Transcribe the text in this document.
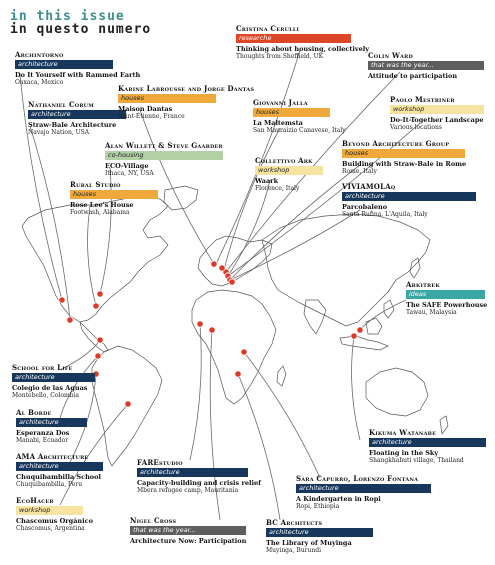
in this issue
in questo numero
Archintorno
architecture
Do It Yourself with Rammed Earth
Oaxaca, Mexico
Nathaniel Corum
architecture
Straw-Bale Architecture
Navajo Nation, USA
Karine Labrousse and Jorge Dantas
houses
Maison Dantas
Saint-Étienne, France
Alan Willett & Steve Gaarder
co-housing
ECO-Village
Ithaca, NY, USA
Rural Studio
houses
Rose Lee's House
Footwash, Alabama
Cristina Cerulli
researche
Thinking about housing, collectively
Thoughts from Sheffield, UK	Colin Ward
that was the year...
Attitude to participation
Paolo Mestriner
workshop
Do-It-Together Landscape
Various locations
Giovanni Jalla
houses
La Maltemsta
San Mauraizio Canavese, Italy
Collettivo Ark
workshop
Waark
Florence, Italy
Beyond Architecture Group
houses
Building with Straw-Bale in Rome
Rome, Italy
VIVIAMOLAq
architecture
Parcobaleno
Santa Rufina, L'Aquila, Italy
Arkitrek
ideas
The SAFE Powerhouse
Tawau, Malaysia
School for Life
architecture
Colegio de las Aguas
Montebello, Colombia
Al Borde
architecture
Esperanza Dos
Manabi, Ecuador
AMA Architecture
architecture
Chuquibambilla School
Chuquibambilla, Peru
EcoHacer
workshop
Chascomus Orgánico
Chascomus, Argentina
FAREstudio
architecture
Capacity-building and crisis relief
Mbera refugee camp, Mauritania
Nigel Cross
that was the year...
Architecture Now: Participation
Sara Capurro, Lorenzo Fontana
architecture
A Kindergarten in Ropi
Ropi, Ethiopia
Kikuma Watanabe
architecture
Floating in the Sky
Shangkhabuti village, Thailand
BC Architects
architecture
The Library of Muyinga
Muyinga, Burundi
